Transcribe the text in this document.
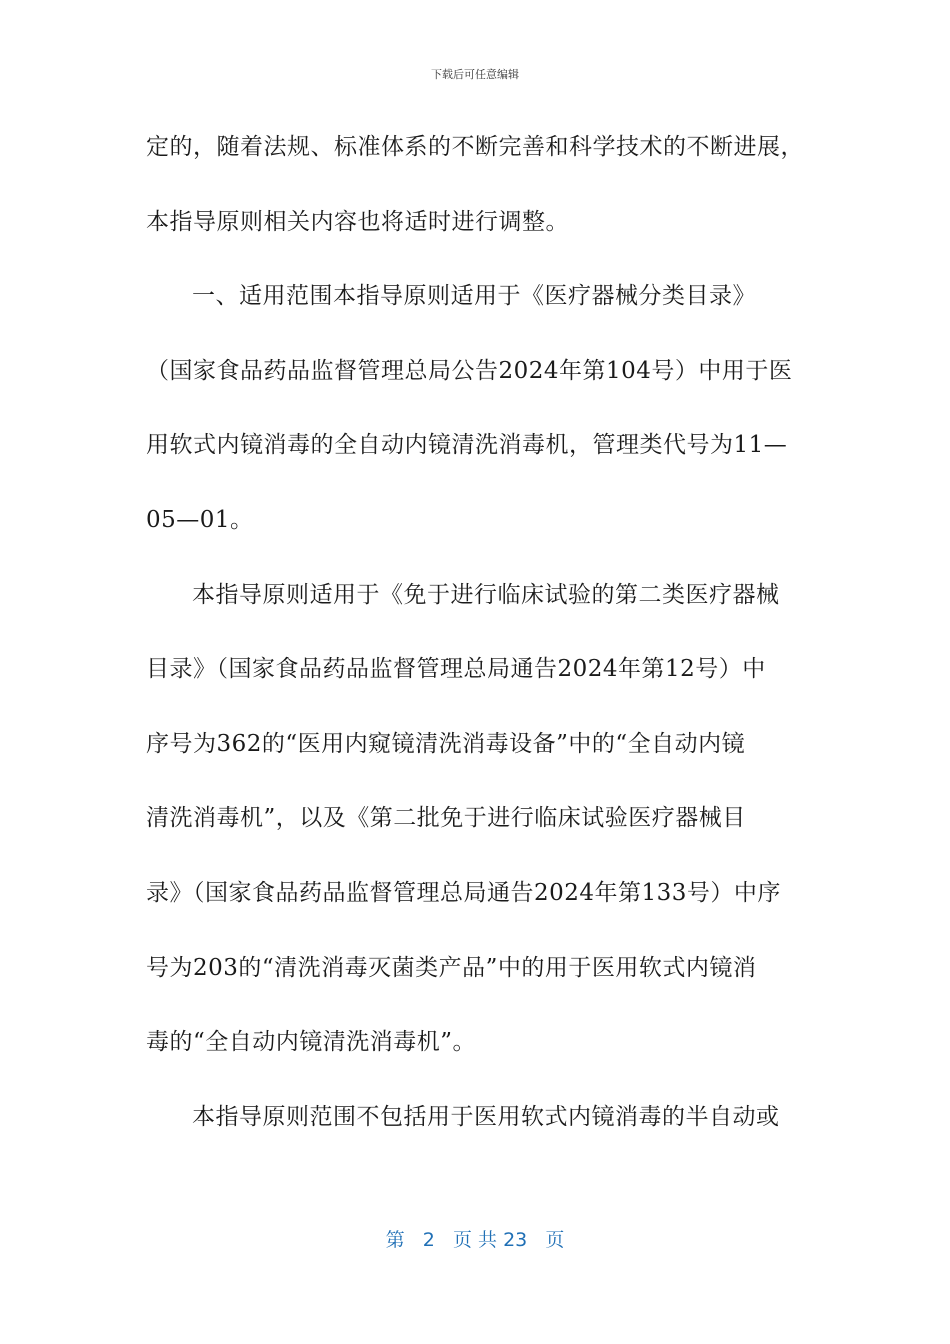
下载后可任意编辑
定的，随着法规、标准体系的不断完善和科学技术的不断进展，
本指导原则相关内容也将适时进行调整。
一、适用范围本指导原则适用于《医疗器械分类目录》
（国家食品药品监督管理总局公告2024年第104号）中用于医
用软式内镜消毒的全自动内镜清洗消毒机，管理类代号为11—
05—01。
本指导原则适用于《免于进行临床试验的第二类医疗器械
目录》（国家食品药品监督管理总局通告2024年第12号）中
序号为362的“医用内窥镜清洗消毒设备”中的“全自动内镜
清洗消毒机”，以及《第二批免于进行临床试验医疗器械目
录》（国家食品药品监督管理总局通告2024年第133号）中序
号为203的“清洗消毒灭菌类产品”中的用于医用软式内镜消
毒的“全自动内镜清洗消毒机”。
本指导原则范围不包括用于医用软式内镜消毒的半自动或
第 2 页 共 23 页
